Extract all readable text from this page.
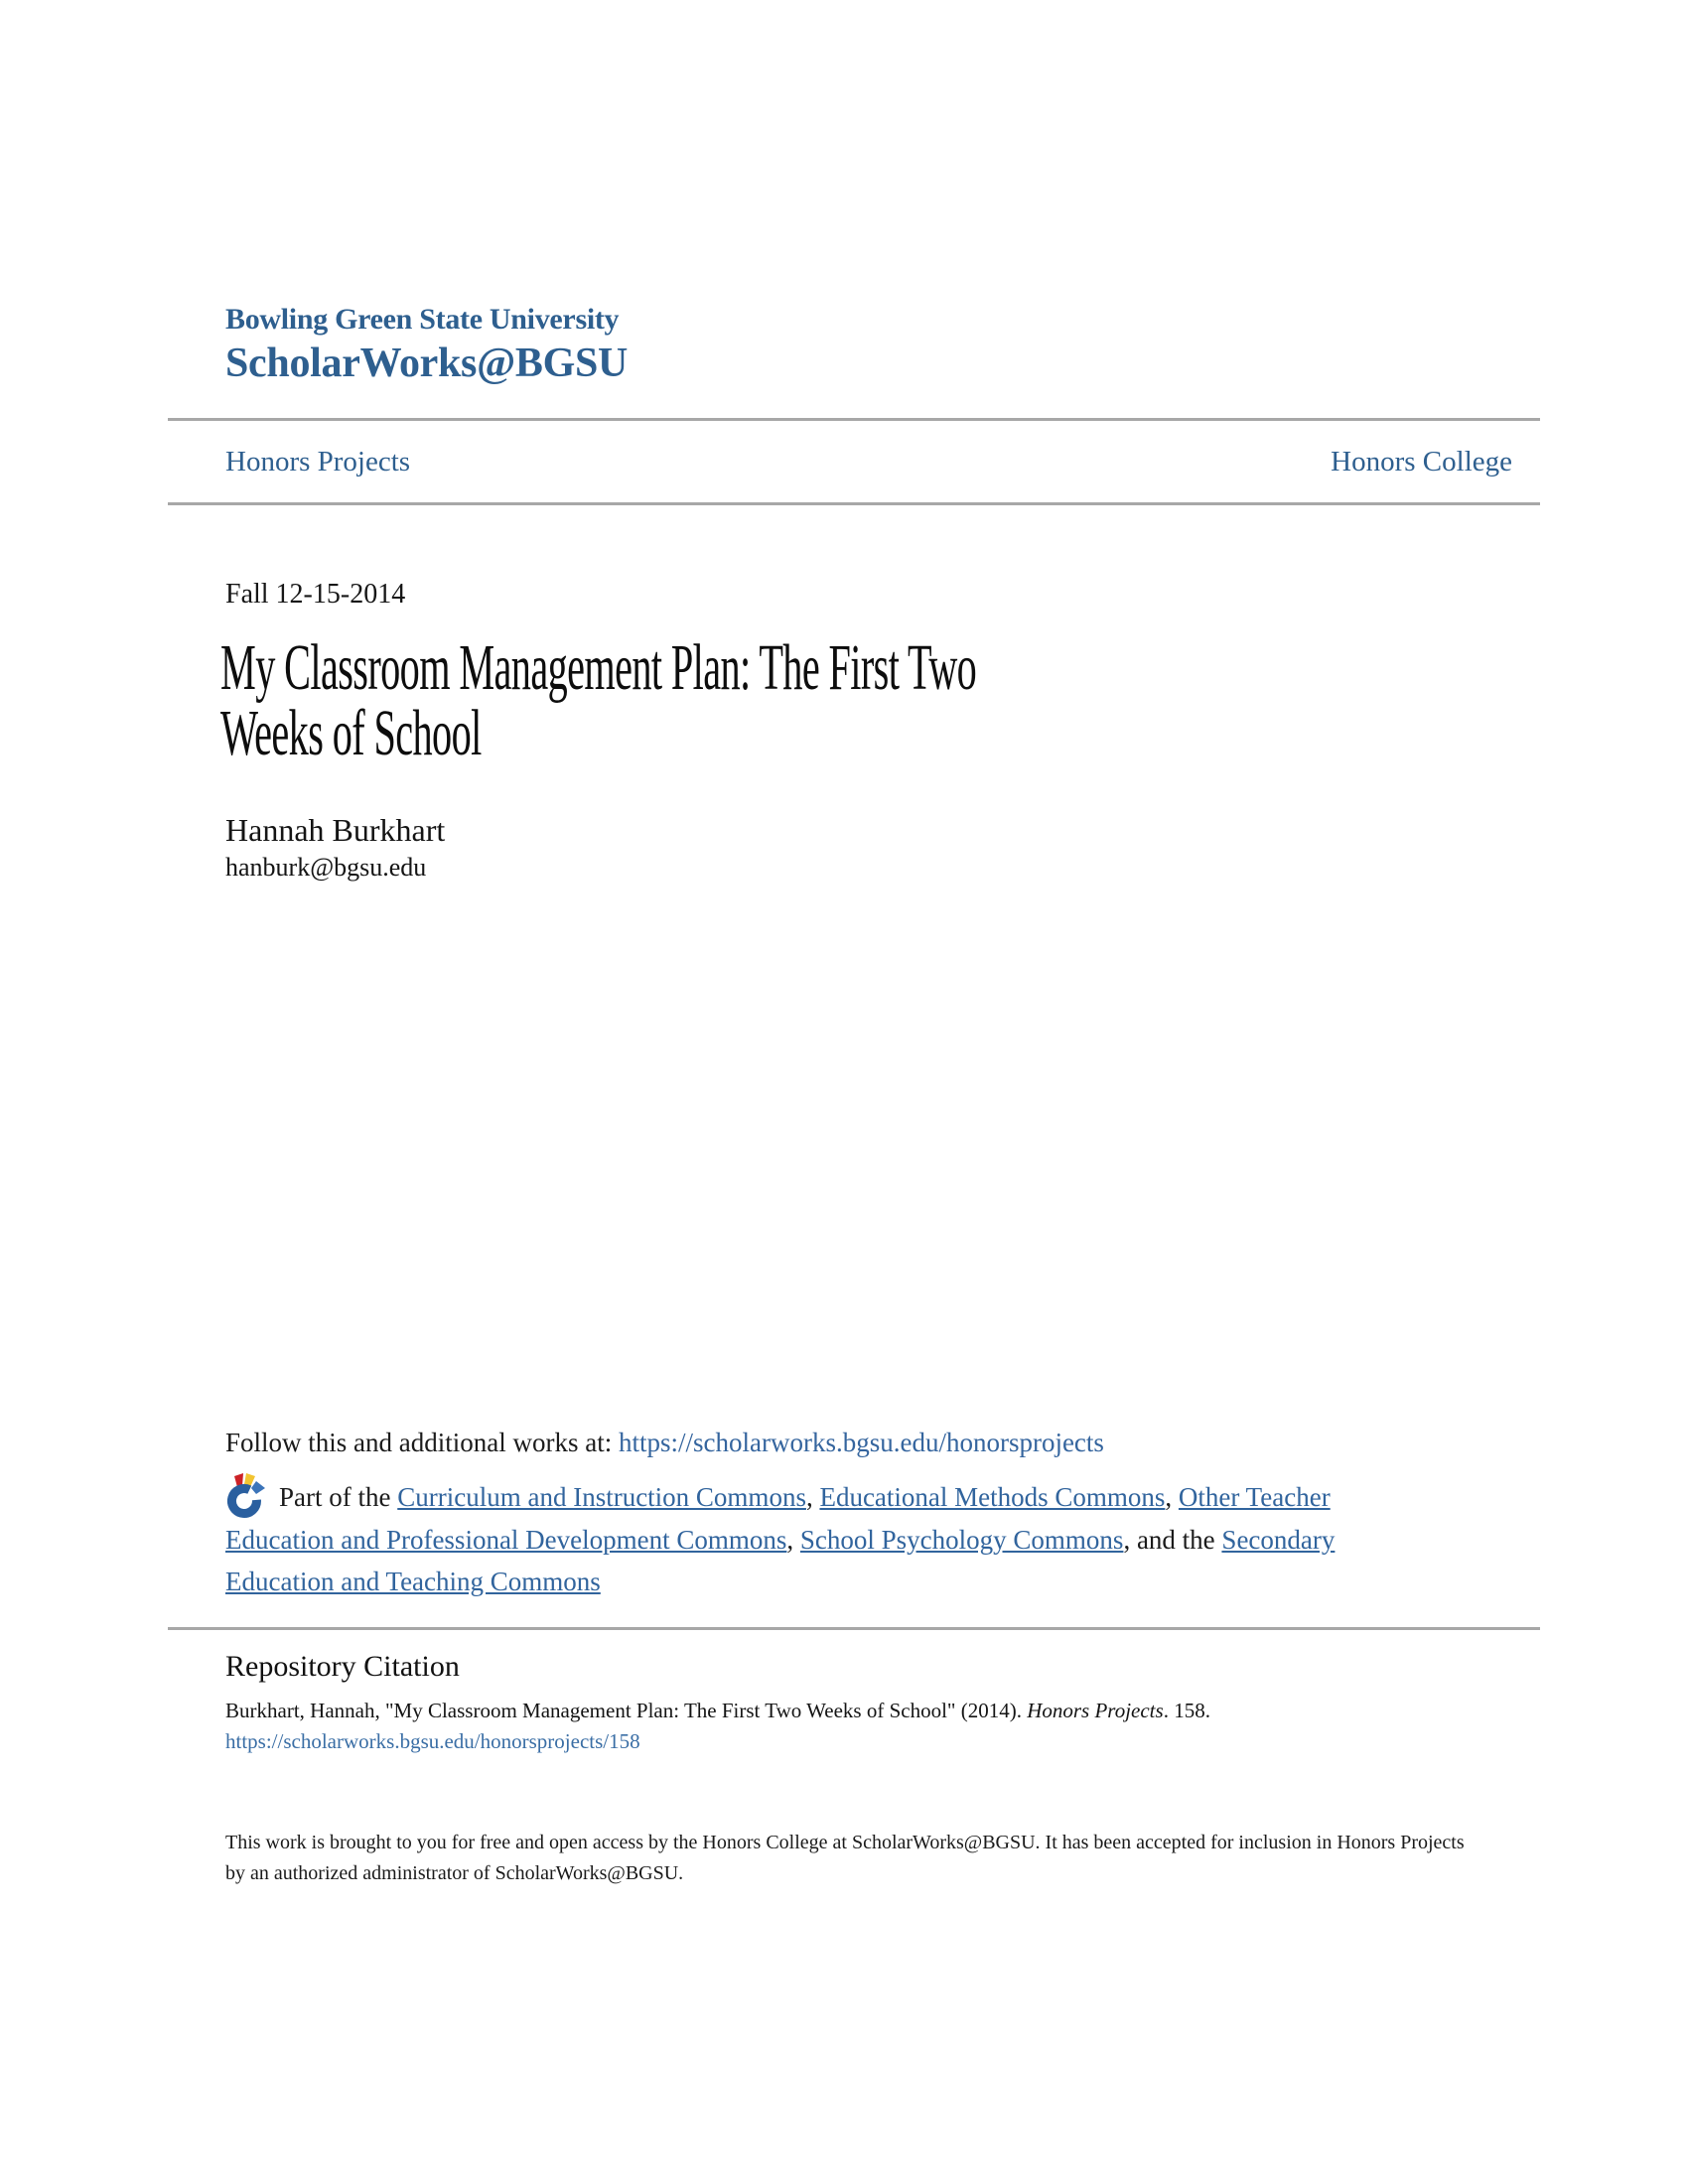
Bowling Green State University
ScholarWorks@BGSU
Honors Projects	Honors College
Fall 12-15-2014
My Classroom Management Plan: The First Two Weeks of School
Hannah Burkhart
hanburk@bgsu.edu
Follow this and additional works at: https://scholarworks.bgsu.edu/honorsprojects
Part of the Curriculum and Instruction Commons, Educational Methods Commons, Other Teacher Education and Professional Development Commons, School Psychology Commons, and the Secondary Education and Teaching Commons
Repository Citation
Burkhart, Hannah, "My Classroom Management Plan: The First Two Weeks of School" (2014). Honors Projects. 158.
https://scholarworks.bgsu.edu/honorsprojects/158
This work is brought to you for free and open access by the Honors College at ScholarWorks@BGSU. It has been accepted for inclusion in Honors Projects by an authorized administrator of ScholarWorks@BGSU.
